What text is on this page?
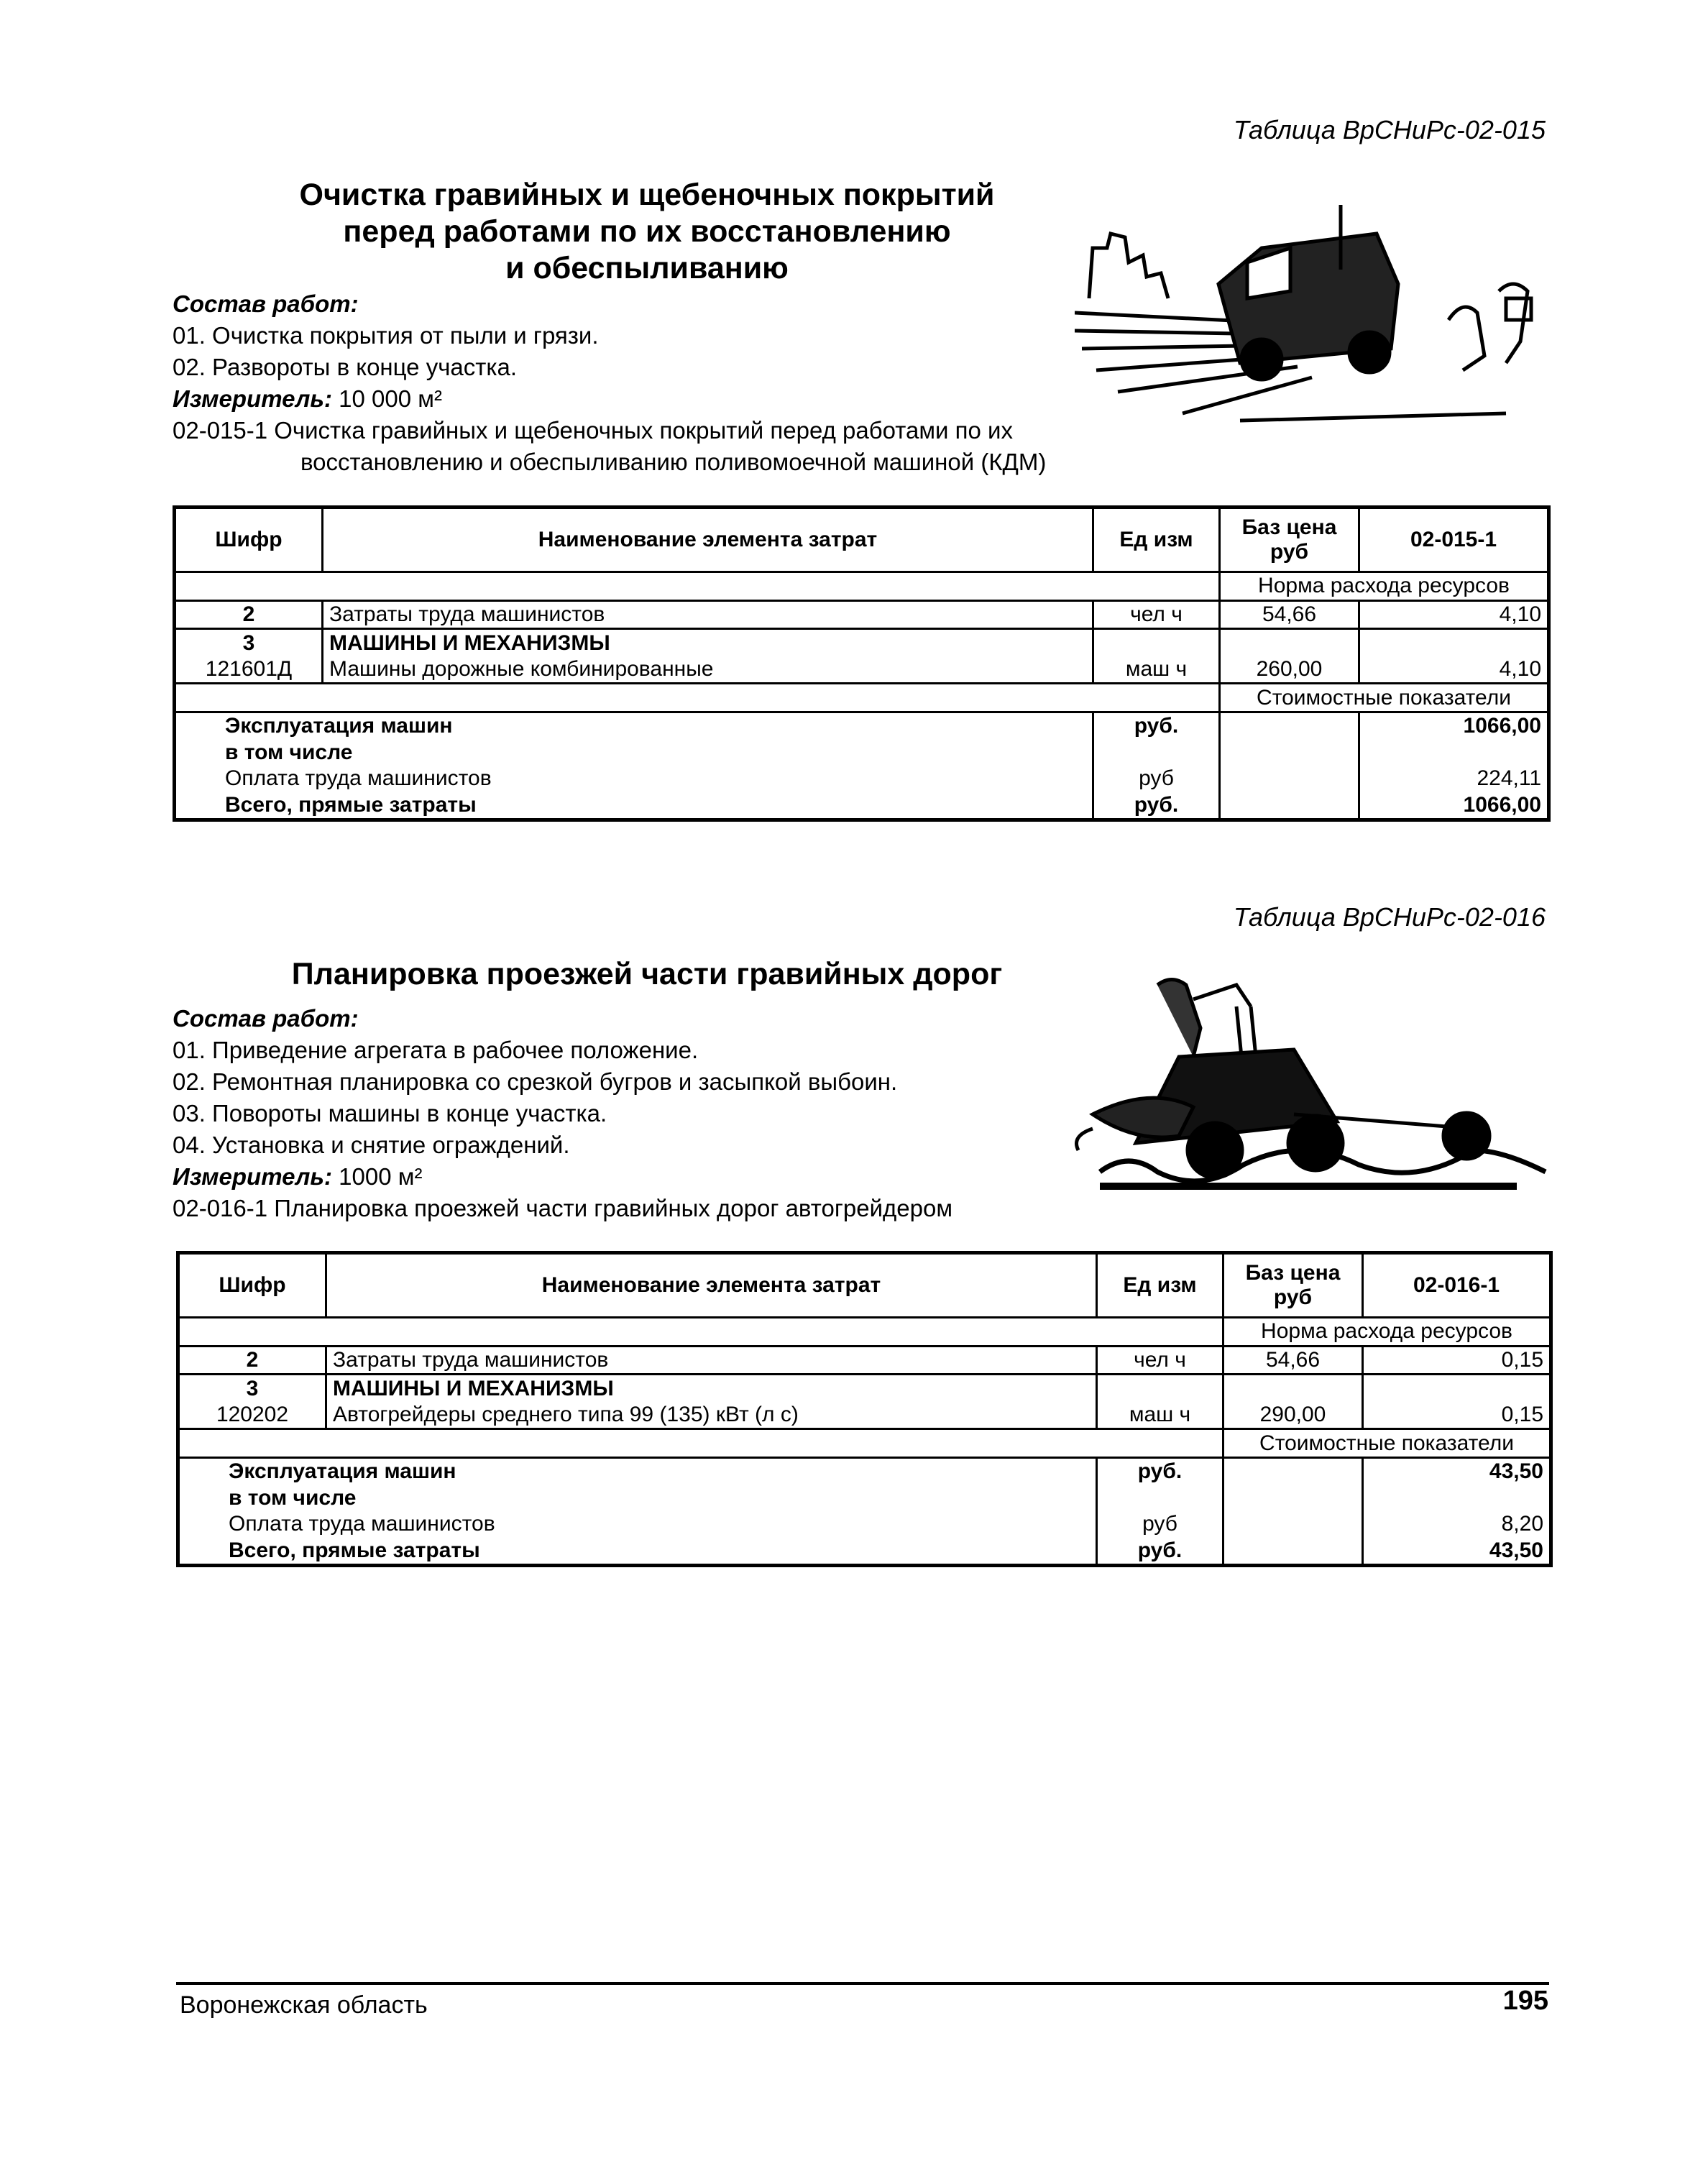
Таблица ВрСНиРс-02-015
Очистка гравийных и щебеночных покрытий
перед работами по их восстановлению
и обеспыливанию
Состав работ:
01. Очистка покрытия от пыли и грязи.
02. Развороты в конце участка.
Измеритель: 10 000 м²
02-015-1 Очистка гравийных и щебеночных покрытий перед работами по их
восстановлению и обеспыливанию поливомоечной машиной (КДМ)
Шифр	Наименование элемента затрат	Ед изм	Баз цена руб	02-015-1
			Норма расхода ресурсов	
2	Затраты труда машинистов	чел ч	54,66	4,10
3	МАШИНЫ И МЕХАНИЗМЫ			
121601Д	Машины дорожные комбинированные	маш ч	260,00	4,10
			Стоимостные показатели	
Эксплуатация машин		руб.		1066,00
в том числе				
Оплата труда машинистов		руб		224,11
Всего, прямые затраты		руб.		1066,00
Таблица ВрСНиРс-02-016
Планировка проезжей части гравийных дорог
Состав работ:
01. Приведение агрегата в рабочее положение.
02. Ремонтная планировка со срезкой бугров и засыпкой выбоин.
03. Повороты машины в конце участка.
04. Установка и снятие ограждений.
Измеритель: 1000 м²
02-016-1 Планировка проезжей части гравийных дорог автогрейдером
Шифр	Наименование элемента затрат	Ед изм	Баз цена руб	02-016-1
			Норма расхода ресурсов	
2	Затраты труда машинистов	чел ч	54,66	0,15
3	МАШИНЫ И МЕХАНИЗМЫ			
120202	Автогрейдеры среднего типа 99 (135) кВт (л с)	маш ч	290,00	0,15
			Стоимостные показатели	
Эксплуатация машин		руб.		43,50
в том числе				
Оплата труда машинистов		руб		8,20
Всего, прямые затраты		руб.		43,50
Воронежская область	195
